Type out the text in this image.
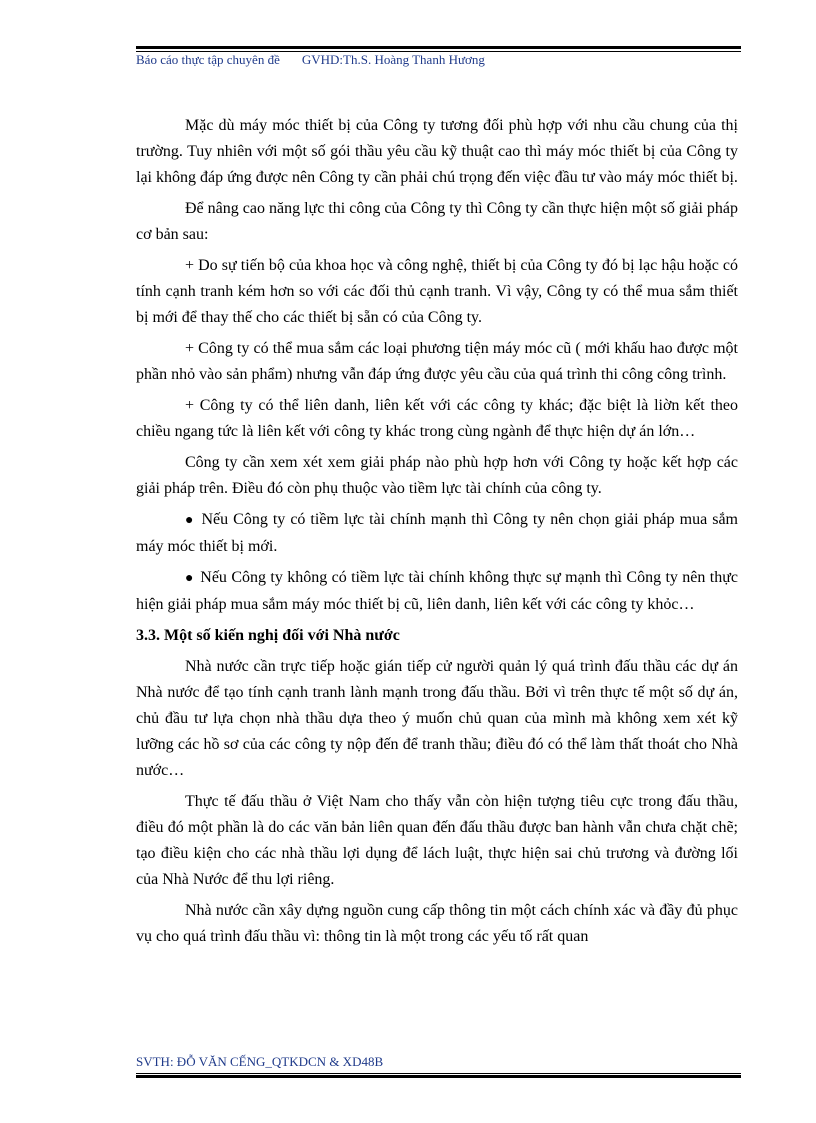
Báo cáo thực tập chuyên đề GVHD:Th.S. Hoàng Thanh Hương

Mặc dù máy móc thiết bị của Công ty tương đối phù hợp với nhu cầu chung của thị trường. Tuy nhiên với một số gói thầu yêu cầu kỹ thuật cao thì máy móc thiết bị của Công ty lại không đáp ứng được nên Công ty cần phải chú trọng đến việc đầu tư vào máy móc thiết bị.

Để nâng cao năng lực thi công của Công ty thì Công ty cần thực hiện một số giải pháp cơ bản sau:

+ Do sự tiến bộ của khoa học và công nghệ, thiết bị của Công ty đó bị lạc hậu hoặc có tính cạnh tranh kém hơn so với các đối thủ cạnh tranh. Vì vậy, Công ty có thể mua sắm thiết bị mới để thay thế cho các thiết bị sẵn có của Công ty.

+ Công ty có thể mua sắm các loại phương tiện máy móc cũ ( mới khấu hao được một phần nhỏ vào sản phẩm) nhưng vẫn đáp ứng được yêu cầu của quá trình thi công công trình.

+ Công ty có thể liên danh, liên kết với các công ty khác; đặc biệt là liờn kết theo chiều ngang tức là liên kết với công ty khác trong cùng ngành để thực hiện dự án lớn…

Công ty cần xem xét xem giải pháp nào phù hợp hơn với Công ty hoặc kết hợp các giải pháp trên. Điều đó còn phụ thuộc vào tiềm lực tài chính của công ty.

● Nếu Công ty có tiềm lực tài chính mạnh thì Công ty nên chọn giải pháp mua sắm máy móc thiết bị mới.

● Nếu Công ty không có tiềm lực tài chính không thực sự mạnh thì Công ty nên thực hiện giải pháp mua sắm máy móc thiết bị cũ, liên danh, liên kết với các công ty khỏc…

3.3. Một số kiến nghị đối với Nhà nước

Nhà nước cần trực tiếp hoặc gián tiếp cử người quản lý quá trình đấu thầu các dự án Nhà nước để tạo tính cạnh tranh lành mạnh trong đấu thầu. Bởi vì trên thực tế một số dự án, chủ đầu tư lựa chọn nhà thầu dựa theo ý muốn chủ quan của mình mà không xem xét kỹ lưỡng các hồ sơ của các công ty nộp đến để tranh thầu; điều đó có thể làm thất thoát cho Nhà nước…

Thực tế đấu thầu ở Việt Nam cho thấy vẫn còn hiện tượng tiêu cực trong đấu thầu, điều đó một phần là do các văn bản liên quan đến đấu thầu được ban hành vẫn chưa chặt chẽ; tạo điều kiện cho các nhà thầu lợi dụng để lách luật, thực hiện sai chủ trương và đường lối của Nhà Nước để thu lợi riêng.

Nhà nước cần xây dựng nguồn cung cấp thông tin một cách chính xác và đầy đủ phục vụ cho quá trình đấu thầu vì: thông tin là một trong các yếu tố rất quan

SVTH: ĐỖ VĂN CẾNG_QTKDCN & XD48B
